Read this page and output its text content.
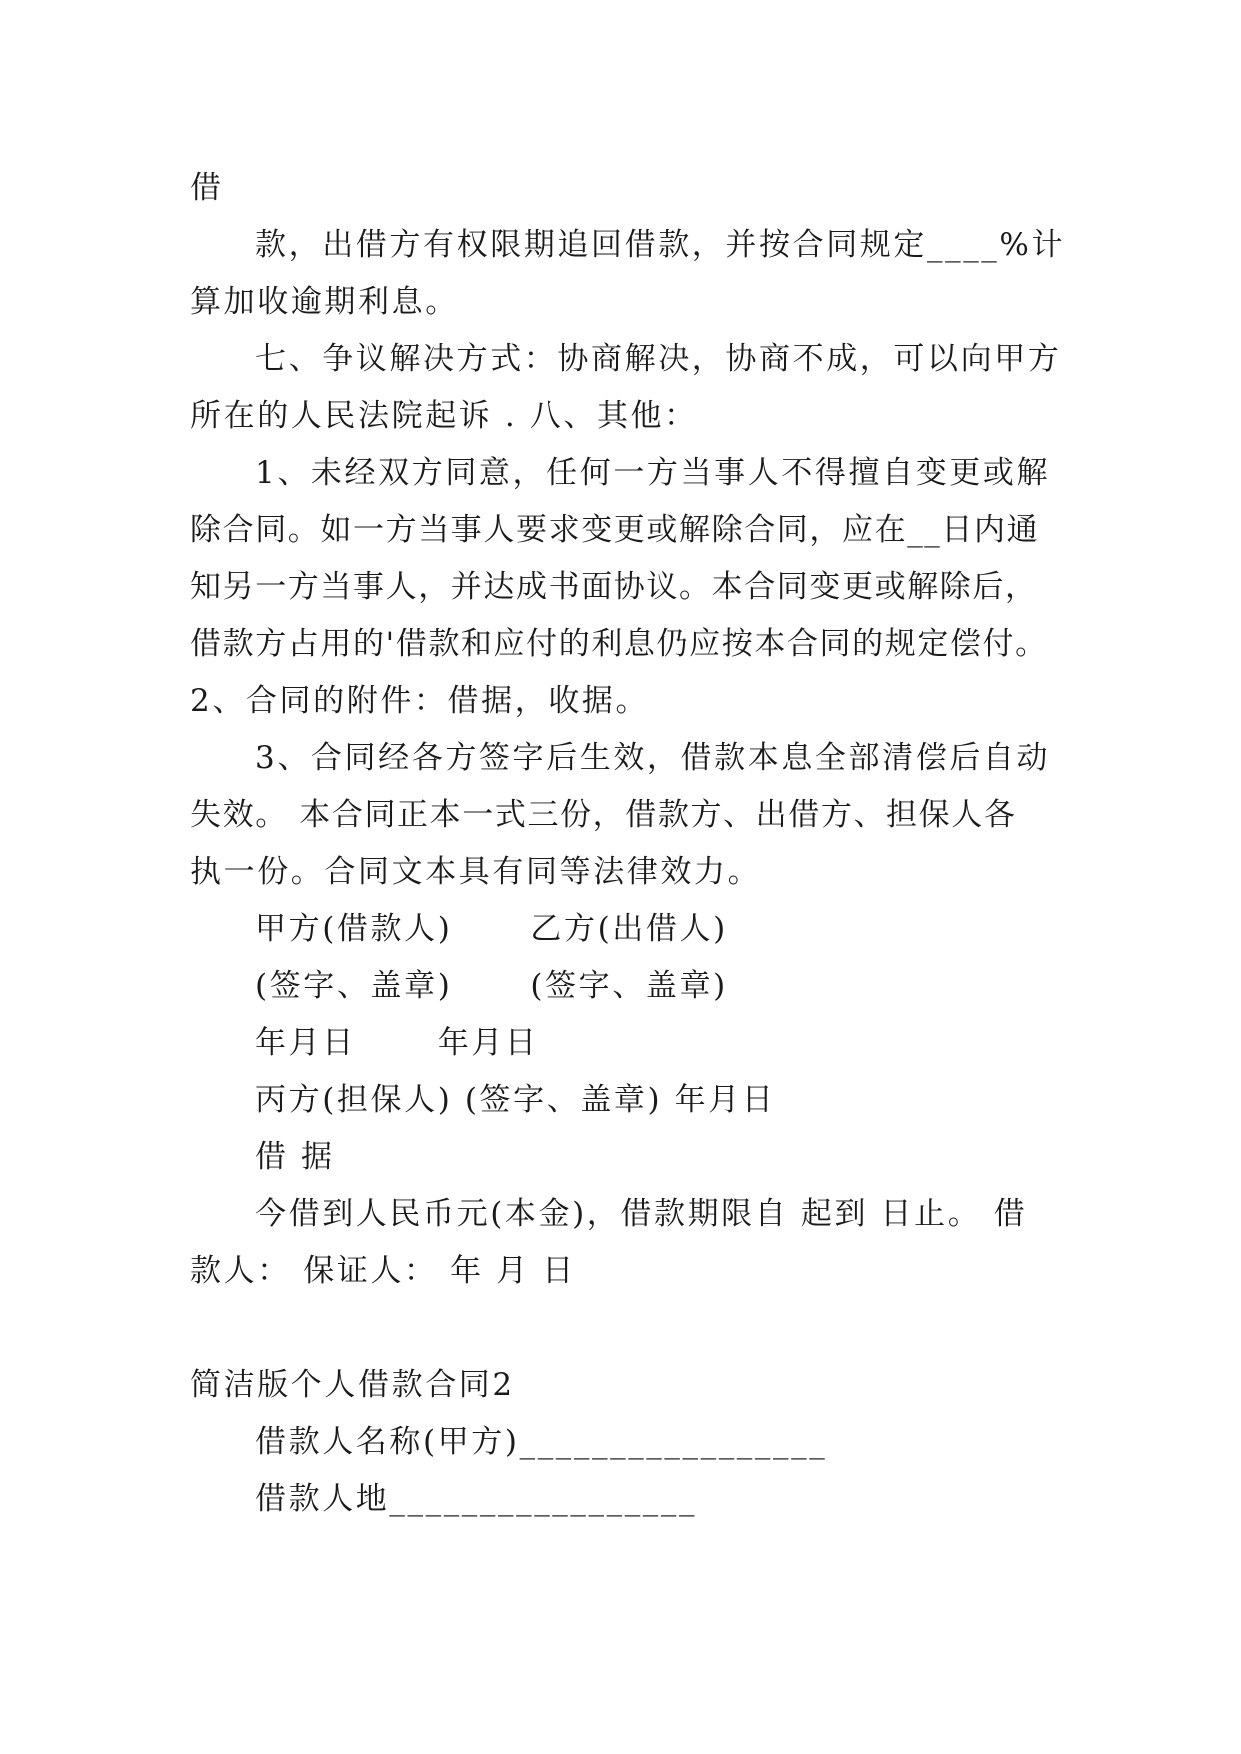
借
款，出借方有权限期追回借款，并按合同规定____%计
算加收逾期利息。
七、争议解决方式：协商解决，协商不成，可以向甲方
所在的人民法院起诉 . 八、其他：
1、未经双方同意，任何一方当事人不得擅自变更或解
除合同。如一方当事人要求变更或解除合同，应在__日内通
知另一方当事人，并达成书面协议。本合同变更或解除后，
借款方占用的'借款和应付的利息仍应按本合同的规定偿付。
2、合同的附件：借据，收据。
3、合同经各方签字后生效，借款本息全部清偿后自动
失效。 本合同正本一式三份，借款方、出借方、担保人各
执一份。合同文本具有同等法律效力。
甲方(借款人)	乙方(出借人)
(签字、盖章)	(签字、盖章)
年月日	年月日
丙方(担保人) (签字、盖章) 年月日
借 据
今借到人民币元(本金)，借款期限自 起到 日止。 借
款人： 保证人： 年 月 日
简洁版个人借款合同2
借款人名称(甲方)_________________
借款人地_________________
